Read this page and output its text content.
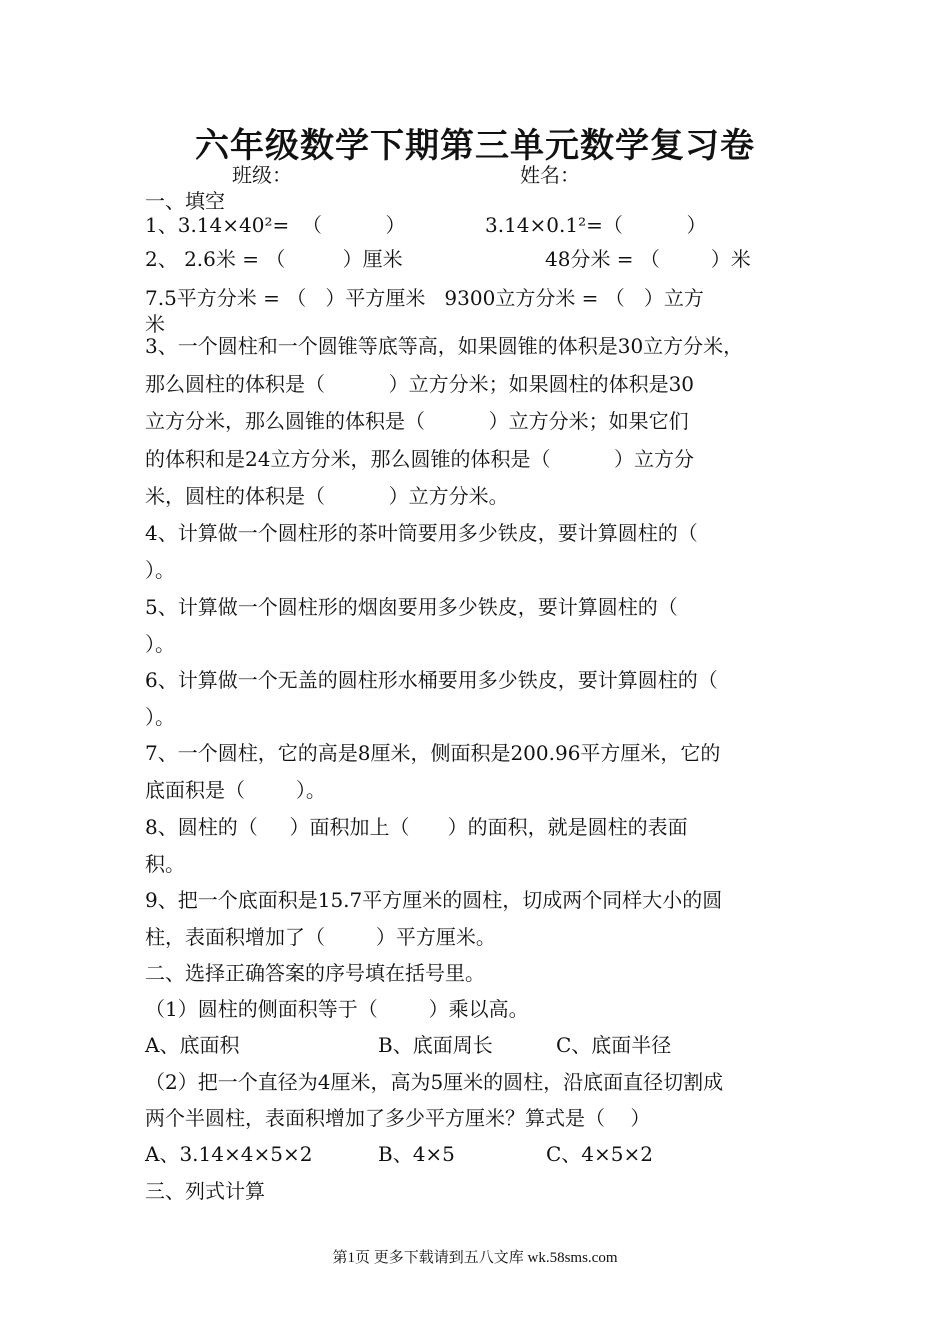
六年级数学下期第三单元数学复习卷
班级：	姓名：
一、填空
1、3.14×40²=  （          ）	3.14×0.1²=（          ）
2、 2.6米 = （         ）厘米	48分米 = （        ）米
7.5平方分米 = （   ）平方厘米   9300立方分米 = （   ）立方
米
3、一个圆柱和一个圆锥等底等高，如果圆锥的体积是30立方分米，
那么圆柱的体积是（          ）立方分米；如果圆柱的体积是30
立方分米，那么圆锥的体积是（          ）立方分米；如果它们
的体积和是24立方分米，那么圆锥的体积是（          ）立方分
米，圆柱的体积是（          ）立方分米。
4、计算做一个圆柱形的茶叶筒要用多少铁皮，要计算圆柱的（
）。
5、计算做一个圆柱形的烟囱要用多少铁皮，要计算圆柱的（
）。
6、计算做一个无盖的圆柱形水桶要用多少铁皮，要计算圆柱的（
）。
7、一个圆柱，它的高是8厘米，侧面积是200.96平方厘米，它的
底面积是（        ）。
8、圆柱的（     ）面积加上（      ）的面积，就是圆柱的表面
积。
9、把一个底面积是15.7平方厘米的圆柱，切成两个同样大小的圆
柱，表面积增加了（        ）平方厘米。
二、选择正确答案的序号填在括号里。
（1）圆柱的侧面积等于（        ）乘以高。
A、底面积	B、底面周长	C、底面半径
（2）把一个直径为4厘米，高为5厘米的圆柱，沿底面直径切割成
两个半圆柱，表面积增加了多少平方厘米？算式是（    ）
A、3.14×4×5×2	B、4×5	C、4×5×2
三、列式计算
第1页 更多下载请到五八文库 wk.58sms.com
